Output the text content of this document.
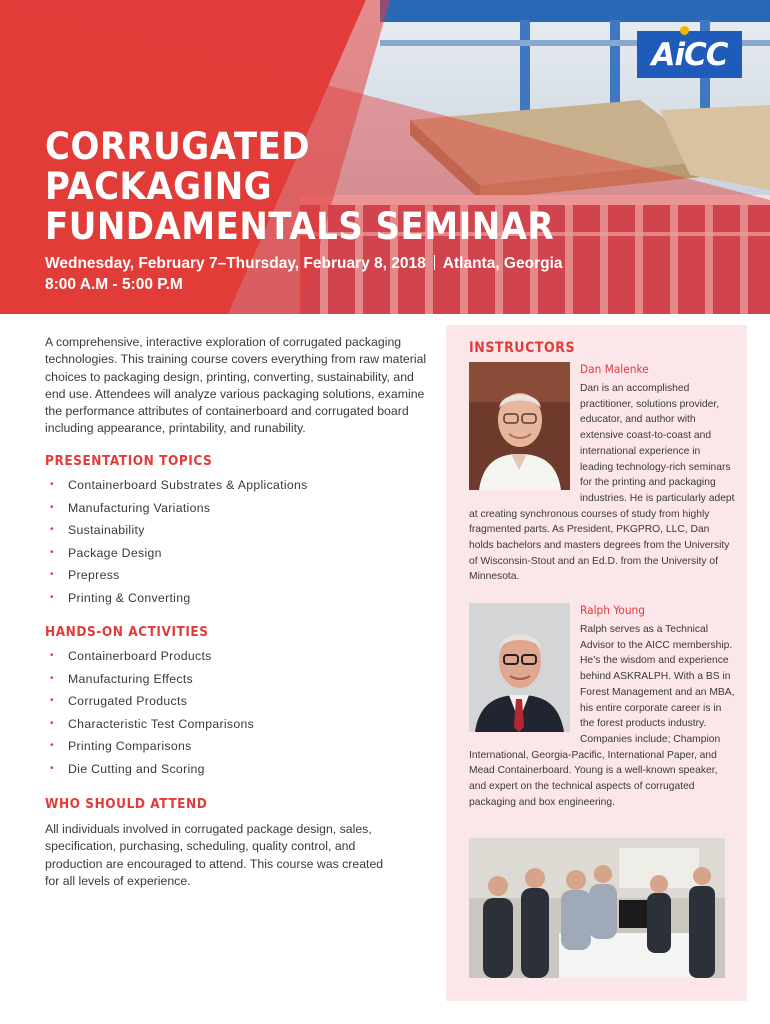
AiCC
CORRUGATED
PACKAGING
FUNDAMENTALS SEMINAR
Wednesday, February 7–Thursday, February 8, 2018 Atlanta, Georgia
8:00 A.M - 5:00 P.M

A comprehensive, interactive exploration of corrugated packaging technologies. This training course covers everything from raw material choices to packaging design, printing, converting, sustainability, and end use. Attendees will analyze various packaging solutions, examine the performance attributes of containerboard and corrugated board including appearance, printability, and runability.

PRESENTATION TOPICS
• Containerboard Substrates & Applications
• Manufacturing Variations
• Sustainability
• Package Design
• Prepress
• Printing & Converting
HANDS-ON ACTIVITIES
• Containerboard Products
• Manufacturing Effects
• Corrugated Products
• Characteristic Test Comparisons
• Printing Comparisons
• Die Cutting and Scoring
WHO SHOULD ATTEND

All individuals involved in corrugated package design, sales, specification, purchasing, scheduling, quality control, and production are encouraged to attend. This course was created for all levels of experience.

INSTRUCTORS
Dan Malenke

Dan is an accomplished practitioner, solutions provider, educator, and author with extensive coast-to-coast and international experience in leading technology-rich seminars for the printing and packaging industries. He is particularly adept at creating synchronous courses of study from highly fragmented parts. As President, PKGPRO, LLC, Dan holds bachelors and masters degrees from the University of Wisconsin-Stout and an Ed.D. from the University of Minnesota.

Ralph Young

Ralph serves as a Technical Advisor to the AICC membership. He’s the wisdom and experience behind ASKRALPH. With a BS in Forest Management and an MBA, his entire corporate career is in the forest products industry. Companies include; Champion International, Georgia-Pacific, International Paper, and Mead Containerboard. Young is a well-known speaker, and expert on the technical aspects of corrugated packaging and box engineering.
